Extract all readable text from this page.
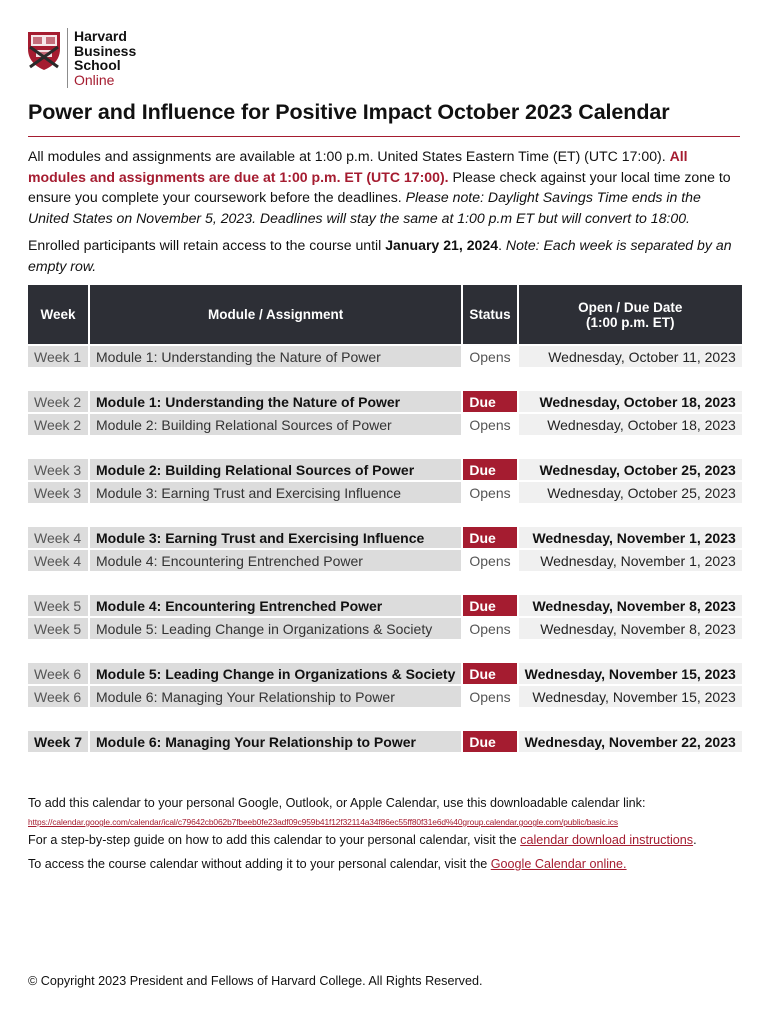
Harvard
Business
School
Online
Power and Influence for Positive Impact October 2023 Calendar

All modules and assignments are available at 1:00 p.m. United States Eastern Time (ET) (UTC 17:00). All modules and assignments are due at 1:00 p.m. ET (UTC 17:00). Please check against your local time zone to ensure you complete your coursework before the deadlines. Please note: Daylight Savings Time ends in the United States on November 5, 2023. Deadlines will stay the same at 1:00 p.m ET but will convert to 18:00.

Enrolled participants will retain access to the course until January 21, 2024. Note: Each week is separated by an empty row.

Week	Module / Assignment	Status	Open / Due Date
(1:00 p.m. ET)

Week 1	Module 1: Understanding the Nature of Power	Opens	Wednesday, October 11, 2023

Week 2	Module 1: Understanding the Nature of Power	Due	Wednesday, October 18, 2023

Week 2	Module 2: Building Relational Sources of Power	Opens	Wednesday, October 18, 2023

Week 3	Module 2: Building Relational Sources of Power	Due	Wednesday, October 25, 2023

Week 3	Module 3: Earning Trust and Exercising Influence	Opens	Wednesday, October 25, 2023

Week 4	Module 3: Earning Trust and Exercising Influence	Due	Wednesday, November 1, 2023

Week 4	Module 4: Encountering Entrenched Power	Opens	Wednesday, November 1, 2023

Week 5	Module 4: Encountering Entrenched Power	Due	Wednesday, November 8, 2023

Week 5	Module 5: Leading Change in Organizations & Society	Opens	Wednesday, November 8, 2023

Week 6	Module 5: Leading Change in Organizations & Society	Due	Wednesday, November 15, 2023

Week 6	Module 6: Managing Your Relationship to Power	Opens	Wednesday, November 15, 2023

Week 7	Module 6: Managing Your Relationship to Power	Due	Wednesday, November 22, 2023

To add this calendar to your personal Google, Outlook, or Apple Calendar, use this downloadable calendar link:

https://calendar.google.com/calendar/ical/c79642cb062b7fbeeb0fe23adf09c959b41f12f32114a34f86ec55ff80f31e6d%40group.calendar.google.com/public/basic.ics

For a step-by-step guide on how to add this calendar to your personal calendar, visit the calendar download instructions.

To access the course calendar without adding it to your personal calendar, visit the Google Calendar online.

© Copyright 2023 President and Fellows of Harvard College. All Rights Reserved.
